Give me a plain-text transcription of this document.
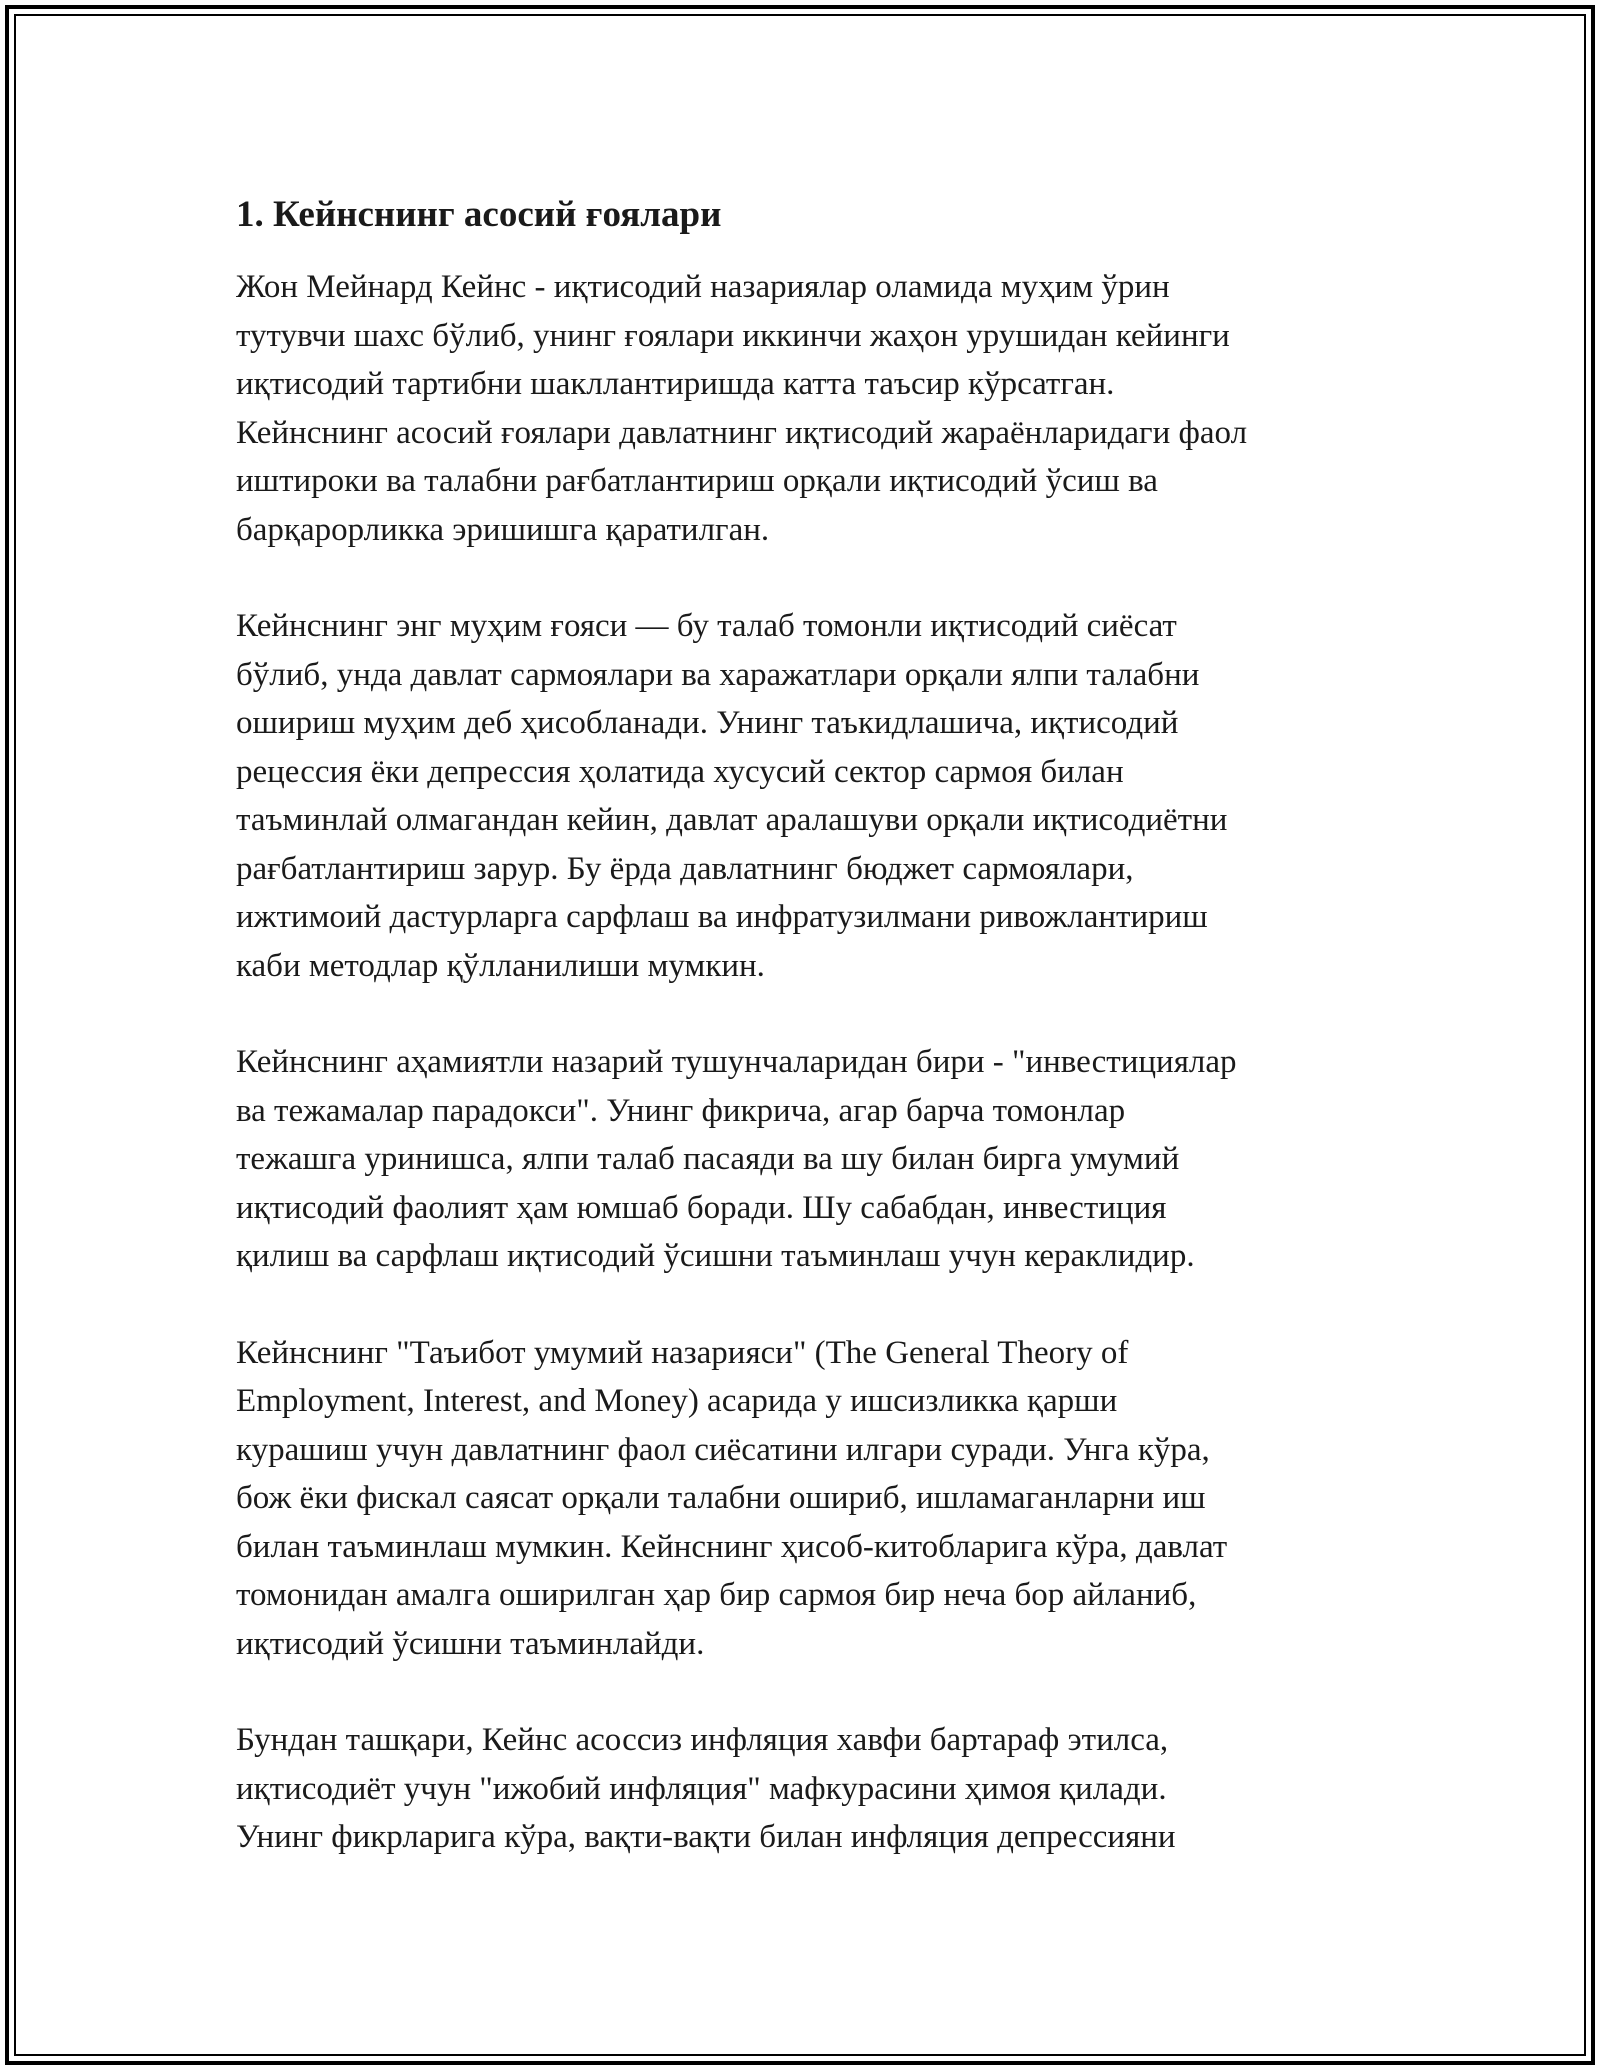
1. Кейнснинг асосий ғоялари

Жон Мейнард Кейнс - иқтисодий назариялар оламида муҳим ўрин
тутувчи шахс бўлиб, унинг ғоялари иккинчи жаҳон урушидан кейинги
иқтисодий тартибни шакллантиришда катта таъсир кўрсатган.
Кейнснинг асосий ғоялари давлатнинг иқтисодий жараёнларидаги фаол
иштироки ва талабни рағбатлантириш орқали иқтисодий ўсиш ва
барқарорликка эришишга қаратилган.

Кейнснинг энг муҳим ғояси — бу талаб томонли иқтисодий сиёсат
бўлиб, унда давлат сармоялари ва харажатлари орқали ялпи талабни
ошириш муҳим деб ҳисобланади. Унинг таъкидлашича, иқтисодий
рецессия ёки депрессия ҳолатида хусусий сектор сармоя билан
таъминлай олмагандан кейин, давлат аралашуви орқали иқтисодиётни
рағбатлантириш зарур. Бу ёрда давлатнинг бюджет сармоялари,
ижтимоий дастурларга сарфлаш ва инфратузилмани ривожлантириш
каби методлар қўлланилиши мумкин.

Кейнснинг аҳамиятли назарий тушунчаларидан бири - "инвестициялар
ва тежамалар парадокси". Унинг фикрича, агар барча томонлар
тежашга уринишса, ялпи талаб пасаяди ва шу билан бирга умумий
иқтисодий фаолият ҳам юмшаб боради. Шу сабабдан, инвестиция
қилиш ва сарфлаш иқтисодий ўсишни таъминлаш учун кераклидир.

Кейнснинг "Таъибот умумий назарияси" (The General Theory of
Employment, Interest, and Money) асарида у ишсизликка қарши
курашиш учун давлатнинг фаол сиёсатини илгари суради. Унга кўра,
бож ёки фискал саясат орқали талабни ошириб, ишламаганларни иш
билан таъминлаш мумкин. Кейнснинг ҳисоб-китобларига кўра, давлат
томонидан амалга оширилган ҳар бир сармоя бир неча бор айланиб,
иқтисодий ўсишни таъминлайди.

Бундан ташқари, Кейнс асоссиз инфляция хавфи бартараф этилса,
иқтисодиёт учун "ижобий инфляция" мафкурасини ҳимоя қилади.
Унинг фикрларига кўра, вақти-вақти билан инфляция депрессияни
